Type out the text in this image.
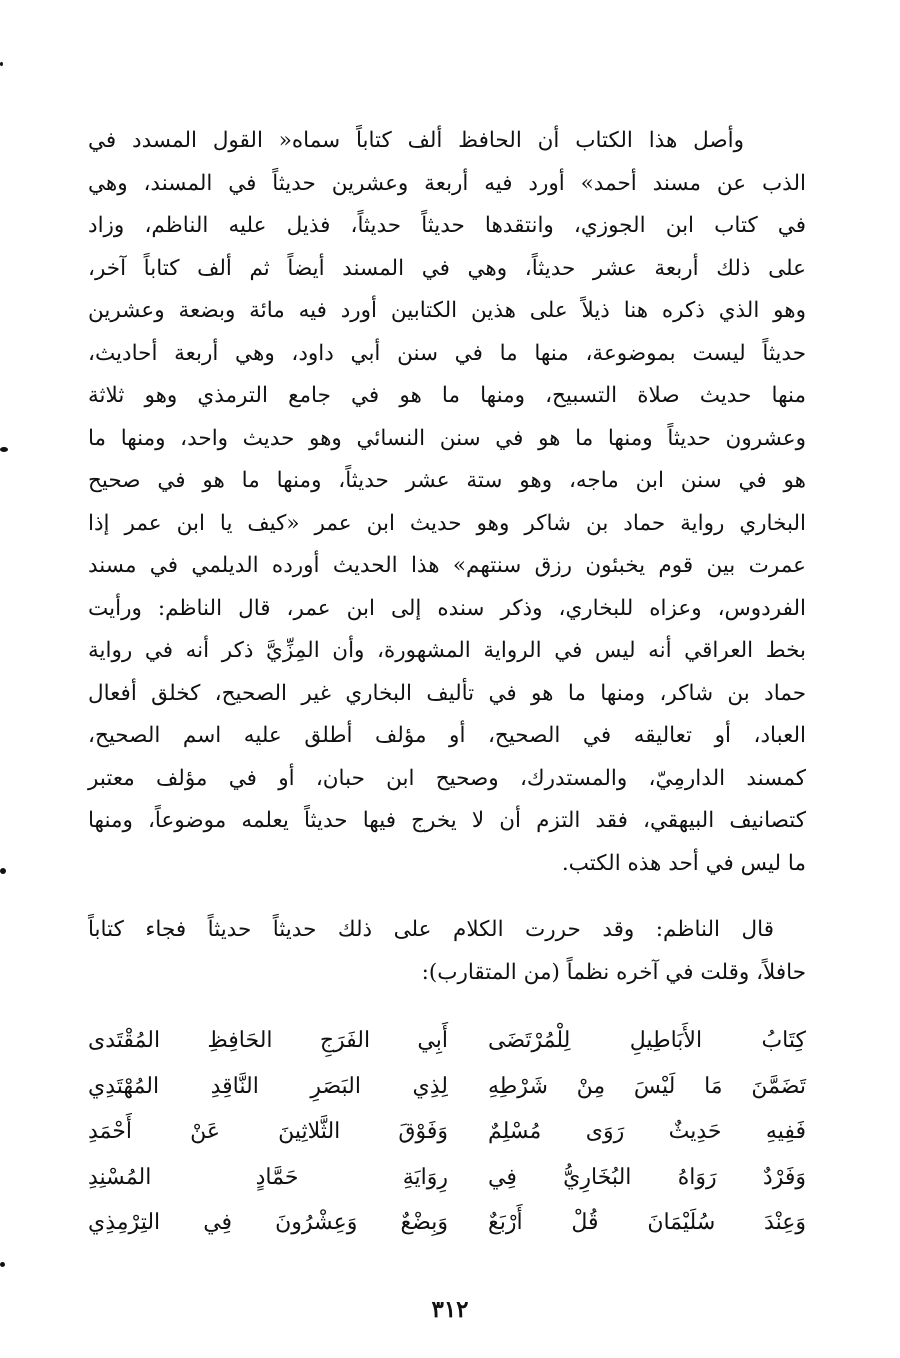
وأصل هذا الكتاب أن الحافظ ألف كتاباً سماه« القول المسدد في
الذب عن مسند أحمد» أورد فيه أربعة وعشرين حديثاً في المسند، وهي
في كتاب ابن الجوزي، وانتقدها حديثاً حديثاً، فذيل عليه الناظم، وزاد
على ذلك أربعة عشر حديثاً، وهي في المسند أيضاً ثم ألف كتاباً آخر،
وهو الذي ذكره هنا ذيلاً على هذين الكتابين أورد فيه مائة وبضعة وعشرين
حديثاً ليست بموضوعة، منها ما في سنن أبي داود، وهي أربعة أحاديث،
منها حديث صلاة التسبيح، ومنها ما هو في جامع الترمذي وهو ثلاثة
وعشرون حديثاً ومنها ما هو في سنن النسائي وهو حديث واحد، ومنها ما
هو في سنن ابن ماجه، وهو ستة عشر حديثاً، ومنها ما هو في صحيح
البخاري رواية حماد بن شاكر وهو حديث ابن عمر «كيف يا ابن عمر إذا
عمرت بين قوم يخبئون رزق سنتهم» هذا الحديث أورده الديلمي في مسند
الفردوس، وعزاه للبخاري، وذكر سنده إلى ابن عمر، قال الناظم: ورأيت
بخط العراقي أنه ليس في الرواية المشهورة، وأن المِزِّيَّ ذكر أنه في رواية
حماد بن شاكر، ومنها ما هو في تأليف البخاري غير الصحيح، كخلق أفعال
العباد، أو تعاليقه في الصحيح، أو مؤلف أطلق عليه اسم الصحيح،
كمسند الدارمِيّ، والمستدرك، وصحيح ابن حبان، أو في مؤلف معتبر
كتصانيف البيهقي، فقد التزم أن لا يخرج فيها حديثاً يعلمه موضوعاً، ومنها
ما ليس في أحد هذه الكتب.

قال الناظم: وقد حررت الكلام على ذلك حديثاً حديثاً فجاء كتاباً
حافلاً، وقلت في آخره نظماً (من المتقارب):

كِتَابُ الأَبَاطِيلِ لِلْمُرْتَضَى
أَبِي الفَرَجِ الحَافِظِ المُقْتَدى
تَضَمَّنَ مَا لَيْسَ مِنْ شَرْطِهِ
لِذِي البَصَرِ النَّاقِدِ المُهْتَدِي
فَفِيهِ حَدِيثٌ رَوَى مُسْلِمٌ
وَفَوْقَ الثَّلاثِينَ عَنْ أَحْمَدِ
وَفَرْدٌ رَوَاهُ البُخَارِيُّ فِي
رِوَايَةِ حَمَّادٍ المُسْنِدِ
وَعِنْدَ سُلَيْمَانَ قُلْ أَرْبَعٌ
وَبِضْعٌ وَعِشْرُونَ فِي التِرْمِذِي
٣١٢
